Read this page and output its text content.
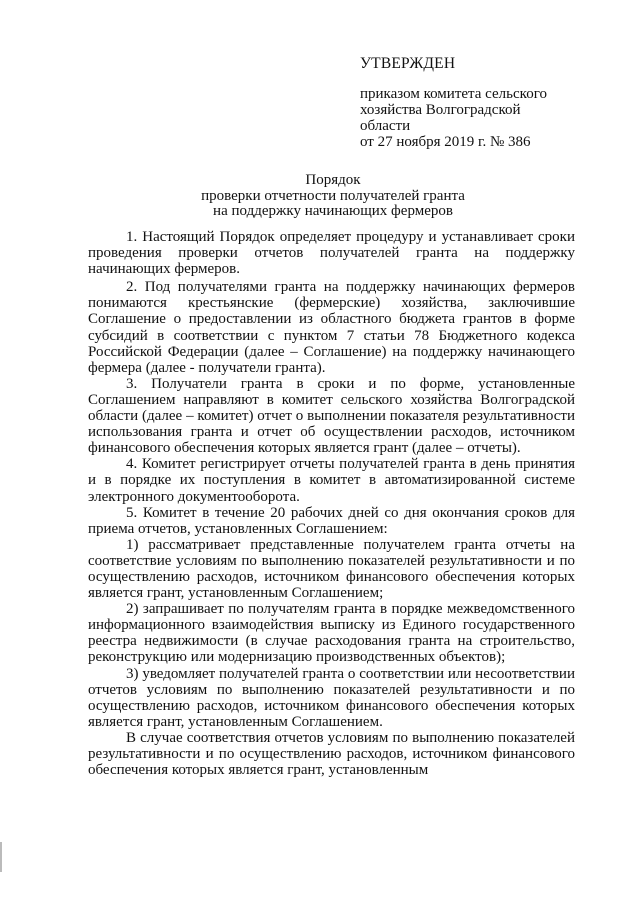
УТВЕРЖДЕН
приказом комитета сельского
хозяйства Волгоградской
области
от 27 ноября 2019 г. № 386
Порядок
проверки отчетности получателей гранта
на поддержку начинающих фермеров

1. Настоящий Порядок определяет процедуру и устанавливает сроки проведения проверки отчетов получателей гранта на поддержку начинающих фермеров.

2. Под получателями гранта на поддержку начинающих фермеров понимаются крестьянские (фермерские) хозяйства, заключившие Соглашение о предоставлении из областного бюджета грантов в форме субсидий в соответствии с пунктом 7 статьи 78 Бюджетного кодекса Российской Федерации (далее – Соглашение) на поддержку начинающего фермера (далее - получатели гранта).

3. Получатели гранта в сроки и по форме, установленные Соглашением направляют в комитет сельского хозяйства Волгоградской области (далее – комитет) отчет о выполнении показателя результативности использования гранта и отчет об осуществлении расходов, источником финансового обеспечения которых является грант (далее – отчеты).

4. Комитет регистрирует отчеты получателей гранта в день принятия и в порядке их поступления в комитет в автоматизированной системе электронного документооборота.

5. Комитет в течение 20 рабочих дней со дня окончания сроков для приема отчетов, установленных Соглашением:

1) рассматривает представленные получателем гранта отчеты на соответствие условиям по выполнению показателей результативности и по осуществлению расходов, источником финансового обеспечения которых является грант, установленным Соглашением;

2) запрашивает по получателям гранта в порядке межведомственного информационного взаимодействия выписку из Единого государственного реестра недвижимости (в случае расходования гранта на строительство, реконструкцию или модернизацию производственных объектов);

3) уведомляет получателей гранта о соответствии или несоответствии отчетов условиям по выполнению показателей результативности и по осуществлению расходов, источником финансового обеспечения которых является грант, установленным Соглашением.

В случае соответствия отчетов условиям по выполнению показателей результативности и по осуществлению расходов, источником финансового обеспечения которых является грант, установленным
